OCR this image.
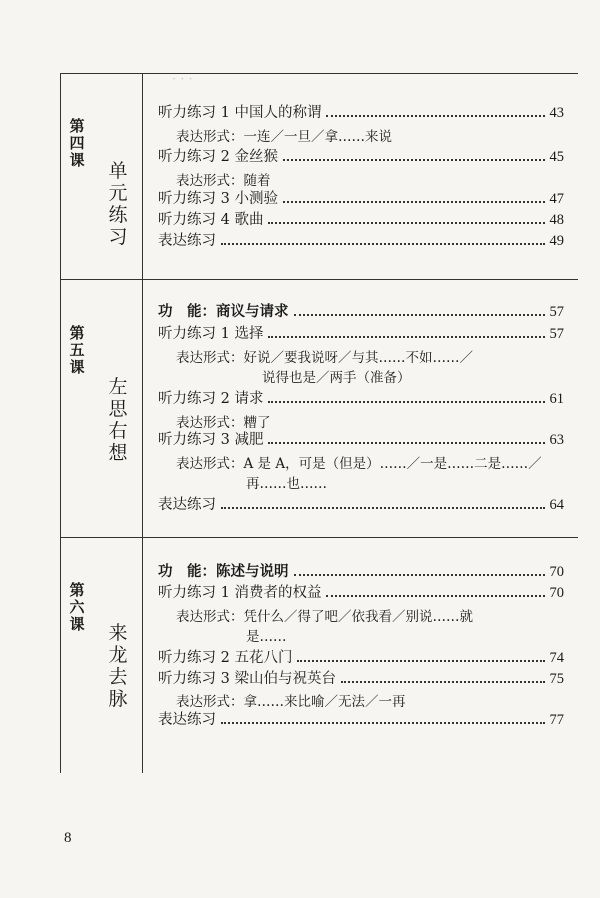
· · ·
第
四
课 单
元
练
习
听力练习 1 中国人的称谓	43
表达形式：一连／一旦／拿……来说
听力练习 2 金丝猴	45
表达形式：随着
听力练习 3 小测验	47
听力练习 4 歌曲	48
表达练习	49
第
五
课
左
思
右
想
功　能：商议与请求	57
听力练习 1 选择	57
表达形式：好说／要我说呀／与其……不如……／
说得也是／两手（准备）
听力练习 2 请求	61
表达形式：糟了
听力练习 3 减肥	63
表达形式：A 是 A，可是（但是）……／一是……二是……／
再……也……
表达练习	64
第
六
课 来
龙
去
脉
功　能：陈述与说明	70
听力练习 1 消费者的权益	70
表达形式：凭什么／得了吧／依我看／别说……就
是……
听力练习 2 五花八门	74
听力练习 3 梁山伯与祝英台	75
表达形式：拿……来比喻／无法／一再
表达练习	77
8
